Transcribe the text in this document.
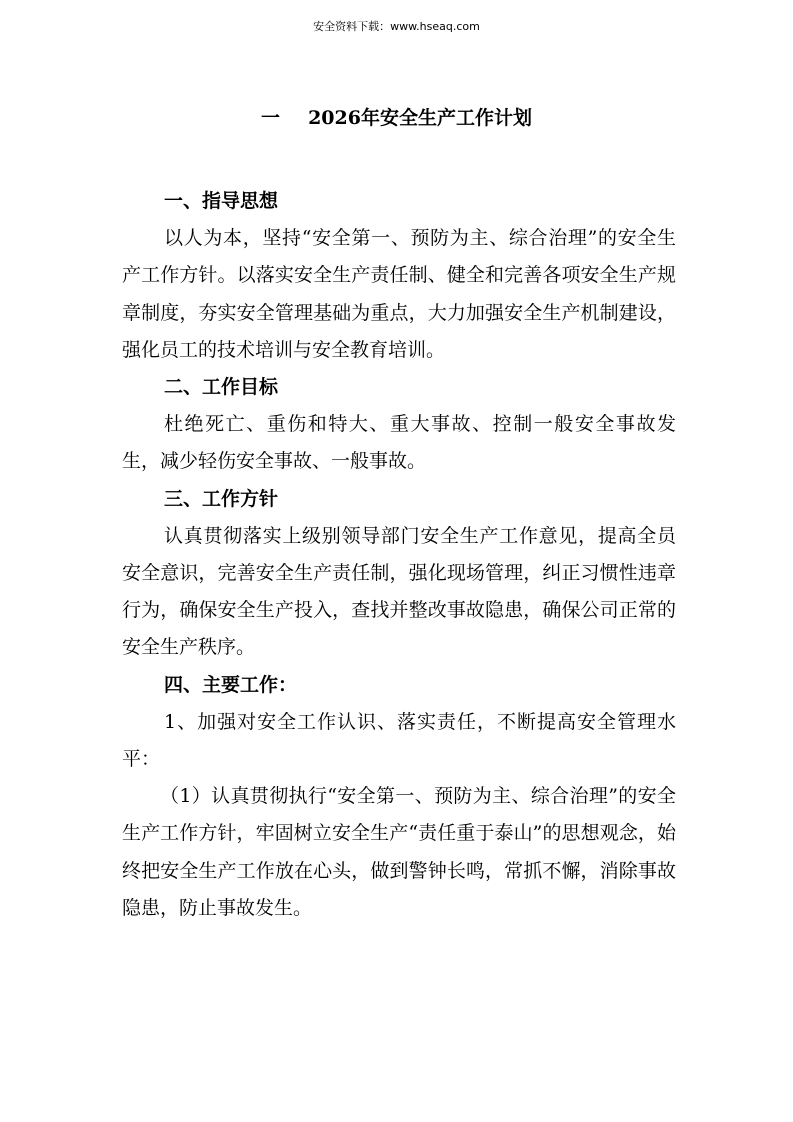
安全资料下载：www.hseaq.com
一 2026年安全生产工作计划

一、指导思想

以人为本，坚持“安全第一、预防为主、综合治理”的安全生产工作方针。以落实安全生产责任制、健全和完善各项安全生产规章制度，夯实安全管理基础为重点，大力加强安全生产机制建设，强化员工的技术培训与安全教育培训。

二、工作目标

杜绝死亡、重伤和特大、重大事故、控制一般安全事故发生，减少轻伤安全事故、一般事故。

三、工作方针

认真贯彻落实上级别领导部门安全生产工作意见，提高全员安全意识，完善安全生产责任制，强化现场管理，纠正习惯性违章行为，确保安全生产投入，查找并整改事故隐患，确保公司正常的安全生产秩序。

四、主要工作：

1、加强对安全工作认识、落实责任，不断提高安全管理水平：

（1）认真贯彻执行“安全第一、预防为主、综合治理”的安全生产工作方针，牢固树立安全生产“责任重于泰山”的思想观念，始终把安全生产工作放在心头，做到警钟长鸣，常抓不懈，消除事故隐患，防止事故发生。
